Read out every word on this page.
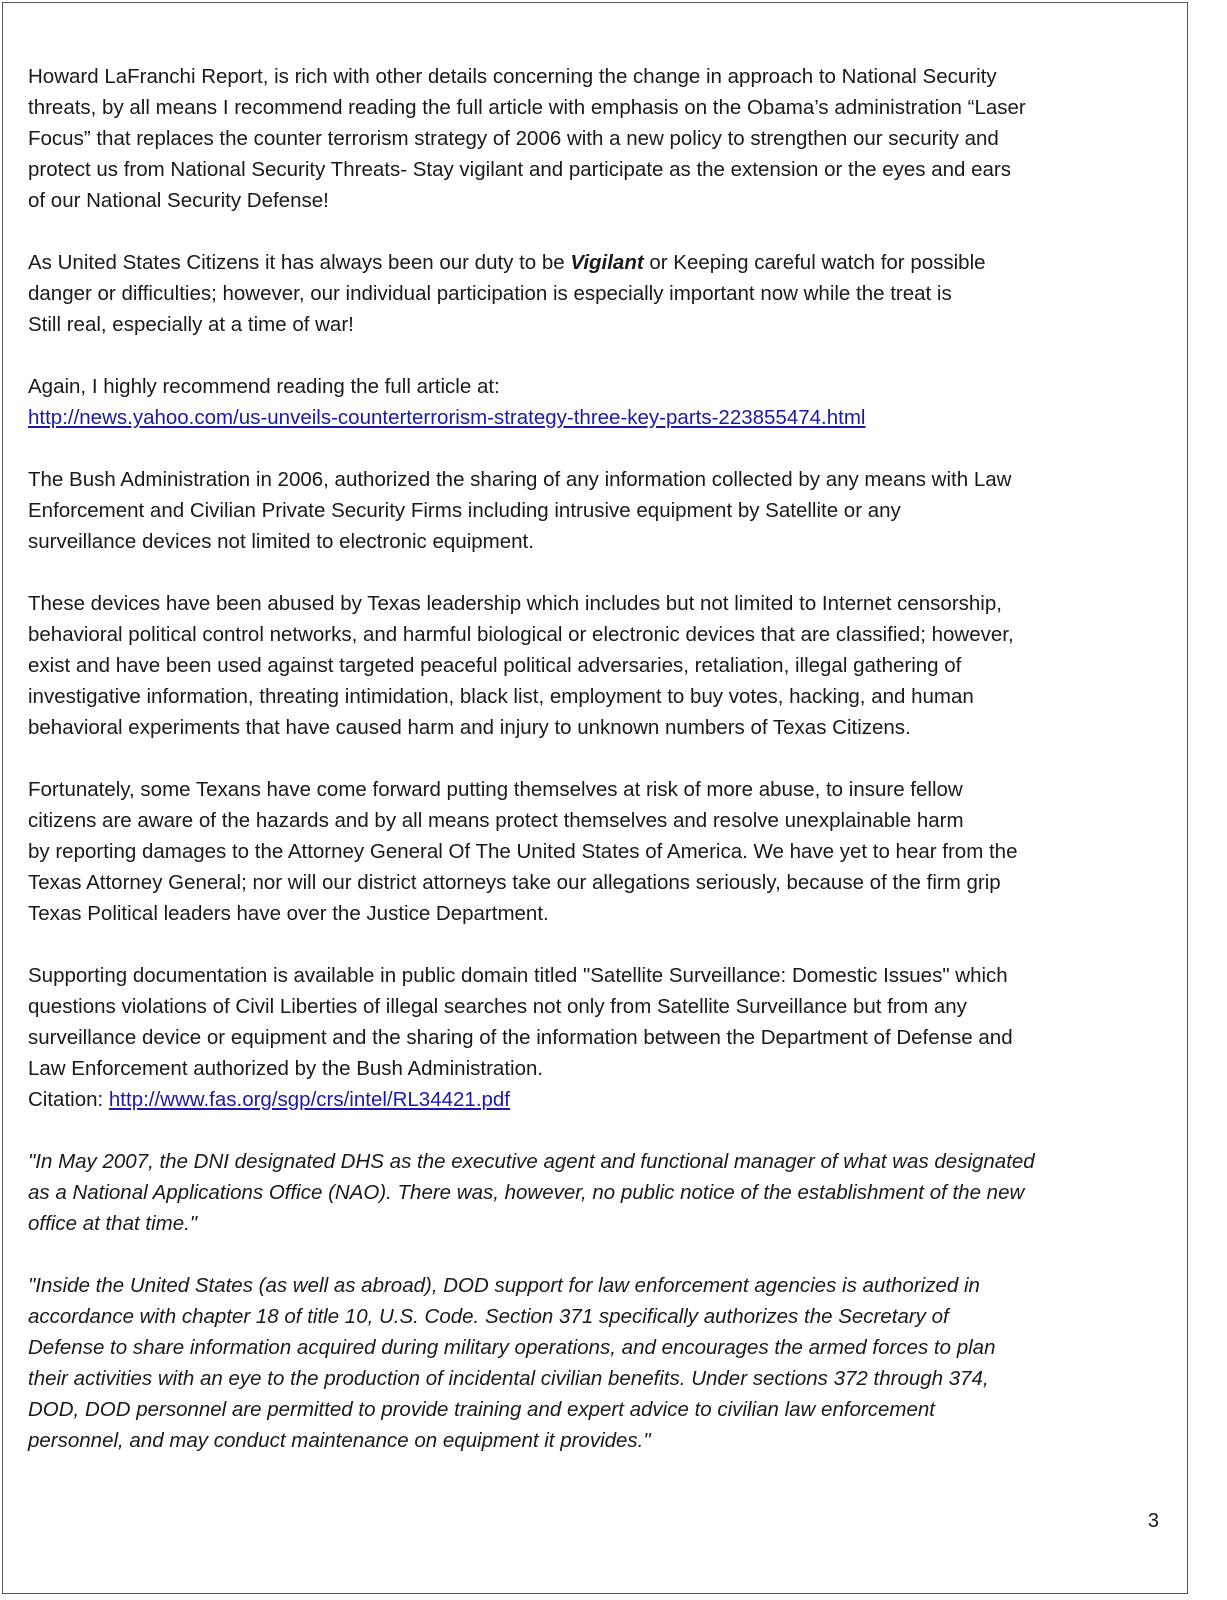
Howard LaFranchi Report, is rich with other details concerning the change in approach to National Security
threats, by all means I recommend reading the full article with emphasis on the Obama’s administration “Laser
Focus” that replaces the counter terrorism strategy of 2006 with a new policy to strengthen our security and
protect us from National Security Threats- Stay vigilant and participate as the extension or the eyes and ears
of our National Security Defense!

As United States Citizens it has always been our duty to be Vigilant or Keeping careful watch for possible
danger or difficulties; however, our individual participation is especially important now while the treat is
Still real, especially at a time of war!

Again, I highly recommend reading the full article at:
http://news.yahoo.com/us-unveils-counterterrorism-strategy-three-key-parts-223855474.html

The Bush Administration in 2006, authorized the sharing of any information collected by any means with Law
Enforcement and Civilian Private Security Firms including intrusive equipment by Satellite or any
surveillance devices not limited to electronic equipment.

These devices have been abused by Texas leadership which includes but not limited to Internet censorship,
behavioral political control networks, and harmful biological or electronic devices that are classified; however,
exist and have been used against targeted peaceful political adversaries, retaliation, illegal gathering of
investigative information, threating intimidation, black list, employment to buy votes, hacking, and human
behavioral experiments that have caused harm and injury to unknown numbers of Texas Citizens.

Fortunately, some Texans have come forward putting themselves at risk of more abuse, to insure fellow
citizens are aware of the hazards and by all means protect themselves and resolve unexplainable harm
by reporting damages to the Attorney General Of The United States of America. We have yet to hear from the
Texas Attorney General; nor will our district attorneys take our allegations seriously, because of the firm grip
Texas Political leaders have over the Justice Department.

Supporting documentation is available in public domain titled "Satellite Surveillance: Domestic Issues" which
questions violations of Civil Liberties of illegal searches not only from Satellite Surveillance but from any
surveillance device or equipment and the sharing of the information between the Department of Defense and
Law Enforcement authorized by the Bush Administration.
Citation: http://www.fas.org/sgp/crs/intel/RL34421.pdf

"In May 2007, the DNI designated DHS as the executive agent and functional manager of what was designated
as a National Applications Office (NAO). There was, however, no public notice of the establishment of the new
office at that time."

"Inside the United States (as well as abroad), DOD support for law enforcement agencies is authorized in
accordance with chapter 18 of title 10, U.S. Code. Section 371 specifically authorizes the Secretary of
Defense to share information acquired during military operations, and encourages the armed forces to plan
their activities with an eye to the production of incidental civilian benefits. Under sections 372 through 374,
DOD, DOD personnel are permitted to provide training and expert advice to civilian law enforcement
personnel, and may conduct maintenance on equipment it provides."

3
